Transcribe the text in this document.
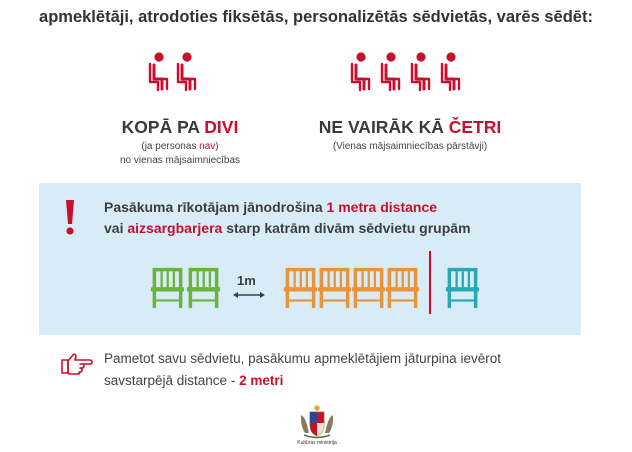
apmeklētāji, atrodoties fiksētās, personalizētās sēdvietās, varēs sēdēt:
KOPĀ PA DIVI
(ja personas nav)
no vienas mājsaimniecības
NE VAIRĀK KĀ ČETRI
(Vienas mājsaimniecības pārstāvji)
Pasākuma rīkotājam jānodrošina 1 metra distance
vai aizsargbarjera starp katrām divām sēdvietu grupām
1m
Pametot savu sēdvietu, pasākumu apmeklētājiem jāturpina ievērot
savstarpējā distance - 2 metri
Kultūras ministrija
